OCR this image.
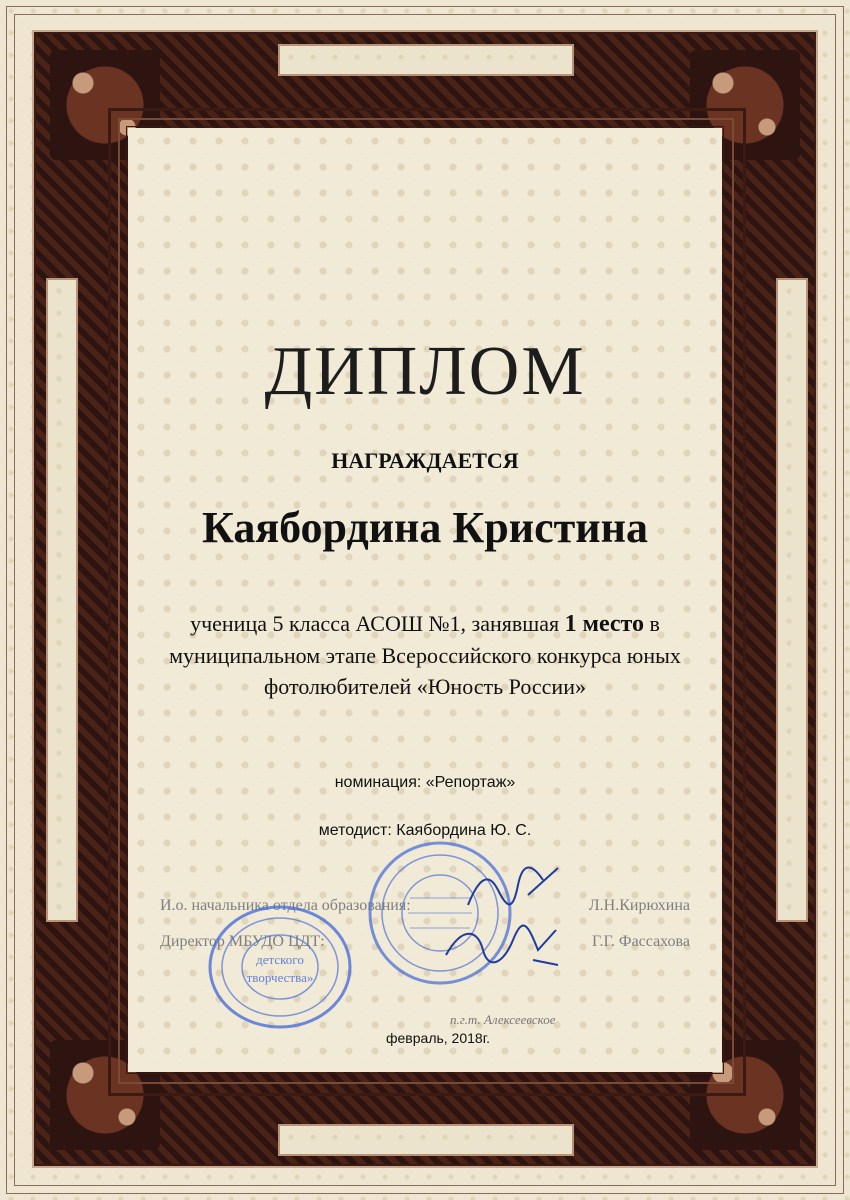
ДИПЛОМ
НАГРАЖДАЕТСЯ
Каябордина Кристина
ученица 5 класса АСОШ №1, занявшая 1 место в муниципальном этапе Всероссийского конкурса юных фотолюбителей «Юность России»
номинация: «Репортаж»
методист: Каябордина Ю. С.
И.о. начальника отдела образования:	Л.Н.Кирюхина
Директор МБУДО ЦДТ:	Г.Г. Фассахова
детского
творчества»
п.г.т. Алексеевское
февраль, 2018г.
